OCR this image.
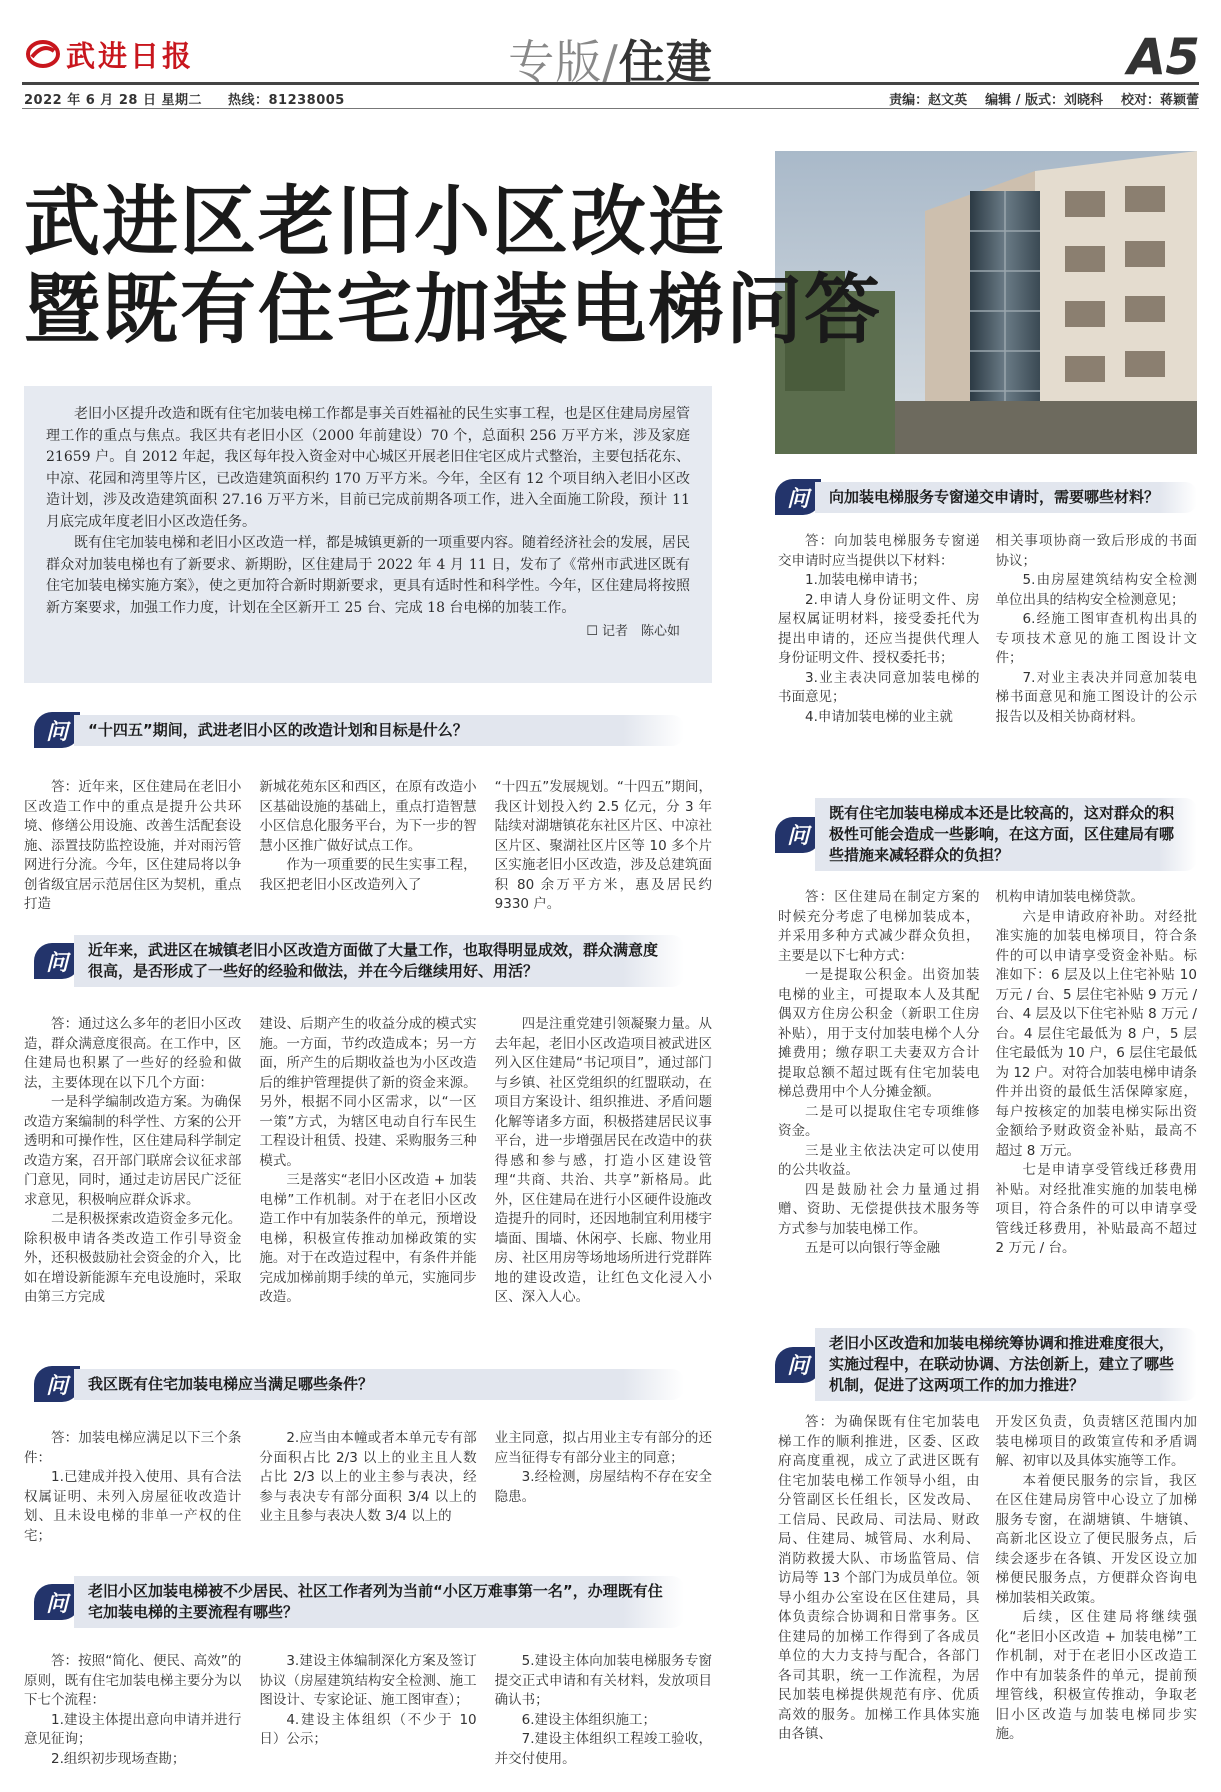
武进日报	专版/住建	A5
2022 年 6 月 28 日 星期二 热线：81238005	责编：赵文英 编辑 / 版式：刘晓科 校对：蒋颖蕾
武进区老旧小区改造
暨既有住宅加装电梯问答

老旧小区提升改造和既有住宅加装电梯工作都是事关百姓福祉的民生实事工程，也是区住建局房屋管理工作的重点与焦点。我区共有老旧小区（2000 年前建设）70 个，总面积 256 万平方米，涉及家庭 21659 户。自 2012 年起，我区每年投入资金对中心城区开展老旧住宅区成片式整治，主要包括花东、中凉、花园和湾里等片区，已改造建筑面积约 170 万平方米。今年，全区有 12 个项目纳入老旧小区改造计划，涉及改造建筑面积 27.16 万平方米，目前已完成前期各项工作，进入全面施工阶段，预计 11 月底完成年度老旧小区改造任务。

既有住宅加装电梯和老旧小区改造一样，都是城镇更新的一项重要内容。随着经济社会的发展，居民群众对加装电梯也有了新要求、新期盼，区住建局于 2022 年 4 月 11 日，发布了《常州市武进区既有住宅加装电梯实施方案》，使之更加符合新时期新要求，更具有适时性和科学性。今年，区住建局将按照新方案要求，加强工作力度，计划在全区新开工 25 台、完成 18 台电梯的加装工作。

☐ 记者　陈心如
问	“十四五”期间，武进老旧小区的改造计划和目标是什么？

答：近年来，区住建局在老旧小区改造工作中的重点是提升公共环境、修缮公用设施、改善生活配套设施、添置技防监控设施，并对雨污管网进行分流。今年，区住建局将以争创省级宜居示范居住区为契机，重点打造

新城花苑东区和西区，在原有改造小区基础设施的基础上，重点打造智慧小区信息化服务平台，为下一步的智慧小区推广做好试点工作。

作为一项重要的民生实事工程，我区把老旧小区改造列入了

“十四五”发展规划。“十四五”期间，我区计划投入约 2.5 亿元，分 3 年陆续对湖塘镇花东社区片区、中凉社区片区、聚湖社区片区等 10 多个片区实施老旧小区改造，涉及总建筑面积 80 余万平方米，惠及居民约 9330 户。

问
近年来，武进区在城镇老旧小区改造方面做了大量工作，也取得明显成效，群众满意度很高，是否形成了一些好的经验和做法，并在今后继续用好、用活？

答：通过这么多年的老旧小区改造，群众满意度很高。在工作中，区住建局也积累了一些好的经验和做法，主要体现在以下几个方面：

一是科学编制改造方案。为确保改造方案编制的科学性、方案的公开透明和可操作性，区住建局科学制定改造方案，召开部门联席会议征求部门意见，同时，通过走访居民广泛征求意见，积极响应群众诉求。

二是积极探索改造资金多元化。除积极申请各类改造工作引导资金外，还积极鼓励社会资金的介入，比如在增设新能源车充电设施时，采取由第三方完成

建设、后期产生的收益分成的模式实施。一方面，节约改造成本；另一方面，所产生的后期收益也为小区改造后的维护管理提供了新的资金来源。另外，根据不同小区需求，以“一区一策”方式，为辖区电动自行车民生工程设计租赁、投建、采购服务三种模式。

三是落实“老旧小区改造 + 加装电梯”工作机制。对于在老旧小区改造工作中有加装条件的单元，预增设电梯，积极宣传推动加梯政策的实施。对于在改造过程中，有条件并能完成加梯前期手续的单元，实施同步改造。

四是注重党建引领凝聚力量。从去年起，老旧小区改造项目被武进区列入区住建局“书记项目”，通过部门与乡镇、社区党组织的红盟联动，在项目方案设计、组织推进、矛盾问题化解等诸多方面，积极搭建居民议事平台，进一步增强居民在改造中的获得感和参与感，打造小区建设管理“共商、共治、共享”新格局。此外，区住建局在进行小区硬件设施改造提升的同时，还因地制宜利用楼宇墙面、围墙、休闲亭、长廊、物业用房、社区用房等场地场所进行党群阵地的建设改造，让红色文化浸入小区、深入人心。

问	我区既有住宅加装电梯应当满足哪些条件？

答：加装电梯应满足以下三个条件：

1.已建成并投入使用、具有合法权属证明、未列入房屋征收改造计划、且未设电梯的非单一产权的住宅；

2.应当由本幢或者本单元专有部分面积占比 2/3 以上的业主且人数占比 2/3 以上的业主参与表决，经参与表决专有部分面积 3/4 以上的业主且参与表决人数 3/4 以上的

业主同意，拟占用业主专有部分的还应当征得专有部分业主的同意；

3.经检测，房屋结构不存在安全隐患。

问
老旧小区加装电梯被不少居民、社区工作者列为当前“小区万难事第一名”，办理既有住宅加装电梯的主要流程有哪些？

答：按照“简化、便民、高效”的原则，既有住宅加装电梯主要分为以下七个流程：

1.建设主体提出意向申请并进行意见征询；

2.组织初步现场查勘；

3.建设主体编制深化方案及签订协议（房屋建筑结构安全检测、施工图设计、专家论证、施工图审查）；

4.建设主体组织（不少于 10 日）公示；

5.建设主体向加装电梯服务专窗提交正式申请和有关材料，发放项目确认书；

6.建设主体组织施工；

7.建设主体组织工程竣工验收，并交付使用。

问	向加装电梯服务专窗递交申请时，需要哪些材料？

答：向加装电梯服务专窗递交申请时应当提供以下材料：

1.加装电梯申请书；

2.申请人身份证明文件、房屋权属证明材料，接受委托代为提出申请的，还应当提供代理人身份证明文件、授权委托书；

3.业主表决同意加装电梯的书面意见；

4.申请加装电梯的业主就

相关事项协商一致后形成的书面协议；

5.由房屋建筑结构安全检测单位出具的结构安全检测意见；

6.经施工图审查机构出具的专项技术意见的施工图设计文件；

7.对业主表决并同意加装电梯书面意见和施工图设计的公示报告以及相关协商材料。

问
既有住宅加装电梯成本还是比较高的，这对群众的积极性可能会造成一些影响，在这方面，区住建局有哪些措施来减轻群众的负担？

答：区住建局在制定方案的时候充分考虑了电梯加装成本，并采用多种方式减少群众负担，主要是以下七种方式：

一是提取公积金。出资加装电梯的业主，可提取本人及其配偶双方住房公积金（新职工住房补贴），用于支付加装电梯个人分摊费用；缴存职工夫妻双方合计提取总额不超过既有住宅加装电梯总费用中个人分摊金额。

二是可以提取住宅专项维修资金。

三是业主依法决定可以使用的公共收益。

四是鼓励社会力量通过捐赠、资助、无偿提供技术服务等方式参与加装电梯工作。

五是可以向银行等金融

机构申请加装电梯贷款。

六是申请政府补助。对经批准实施的加装电梯项目，符合条件的可以申请享受资金补贴。标准如下：6 层及以上住宅补贴 10 万元 / 台、5 层住宅补贴 9 万元 / 台、4 层及以下住宅补贴 8 万元 / 台。4 层住宅最低为 8 户，5 层住宅最低为 10 户，6 层住宅最低为 12 户。对符合加装电梯申请条件并出资的最低生活保障家庭，每户按核定的加装电梯实际出资金额给予财政资金补贴，最高不超过 8 万元。

七是申请享受管线迁移费用补贴。对经批准实施的加装电梯项目，符合条件的可以申请享受管线迁移费用，补贴最高不超过 2 万元 / 台。

问
老旧小区改造和加装电梯统筹协调和推进难度很大，实施过程中，在联动协调、方法创新上，建立了哪些机制，促进了这两项工作的加力推进？

答：为确保既有住宅加装电梯工作的顺利推进，区委、区政府高度重视，成立了武进区既有住宅加装电梯工作领导小组，由分管副区长任组长，区发改局、工信局、民政局、司法局、财政局、住建局、城管局、水利局、消防救援大队、市场监管局、信访局等 13 个部门为成员单位。领导小组办公室设在区住建局，具体负责综合协调和日常事务。区住建局的加梯工作得到了各成员单位的大力支持与配合，各部门各司其职，统一工作流程，为居民加装电梯提供规范有序、优质高效的服务。加梯工作具体实施由各镇、

开发区负责，负责辖区范围内加装电梯项目的政策宣传和矛盾调解、初审以及具体实施等工作。

本着便民服务的宗旨，我区在区住建局房管中心设立了加梯服务专窗，在湖塘镇、牛塘镇、高新北区设立了便民服务点，后续会逐步在各镇、开发区设立加梯便民服务点，方便群众咨询电梯加装相关政策。

后续，区住建局将继续强化“老旧小区改造 + 加装电梯”工作机制，对于在老旧小区改造工作中有加装条件的单元，提前预埋管线，积极宣传推动，争取老旧小区改造与加装电梯同步实施。
